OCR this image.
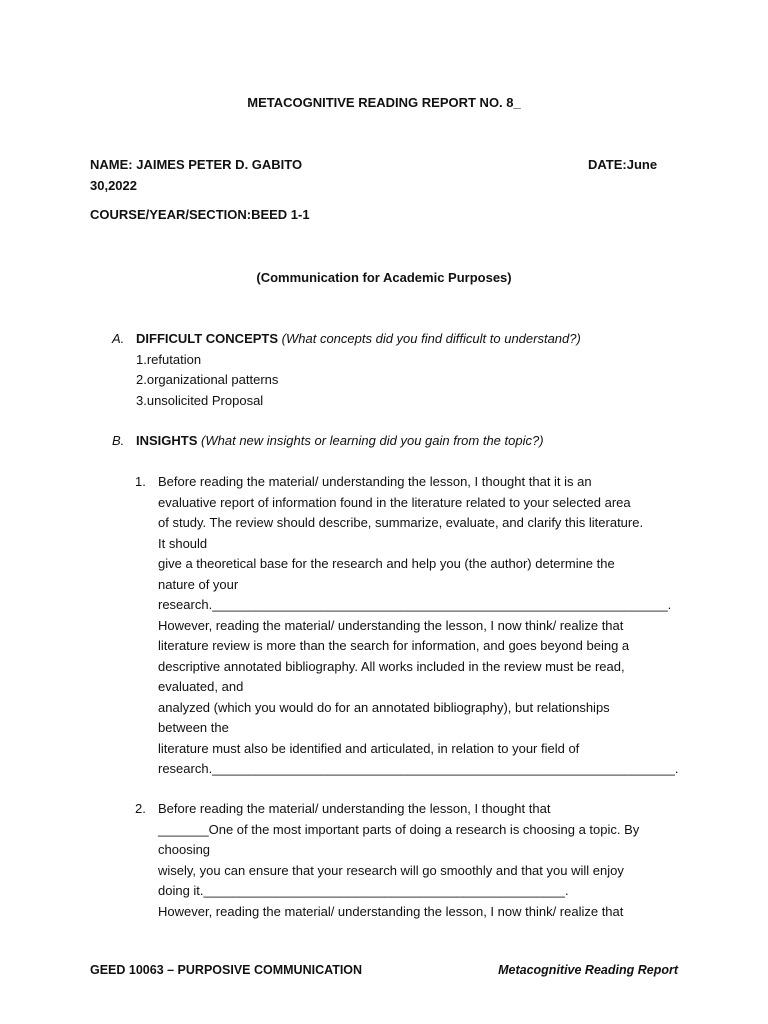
METACOGNITIVE READING REPORT NO. 8_
NAME: JAIMES PETER D. GABITO	DATE:June
30,2022
COURSE/YEAR/SECTION:BEED 1-1
(Communication for Academic Purposes)
A. DIFFICULT CONCEPTS (What concepts did you find difficult to understand?)
1.refutation
2.organizational patterns
3.unsolicited Proposal
B. INSIGHTS (What new insights or learning did you gain from the topic?)
1. Before reading the material/ understanding the lesson, I thought that it is an
evaluative report of information found in the literature related to your selected area
of study. The review should describe, summarize, evaluate, and clarify this literature.
It should
give a theoretical base for the research and help you (the author) determine the
nature of your
research._______________________________________________________________.
However, reading the material/ understanding the lesson, I now think/ realize that
literature review is more than the search for information, and goes beyond being a
descriptive annotated bibliography. All works included in the review must be read,
evaluated, and
analyzed (which you would do for an annotated bibliography), but relationships
between the
literature must also be identified and articulated, in relation to your field of
research.________________________________________________________________.
2. Before reading the material/ understanding the lesson, I thought that
_______One of the most important parts of doing a research is choosing a topic. By
choosing
wisely, you can ensure that your research will go smoothly and that you will enjoy
doing it.__________________________________________________.
However, reading the material/ understanding the lesson, I now think/ realize that
GEED 10063 – PURPOSIVE COMMUNICATION	Metacognitive Reading Report
